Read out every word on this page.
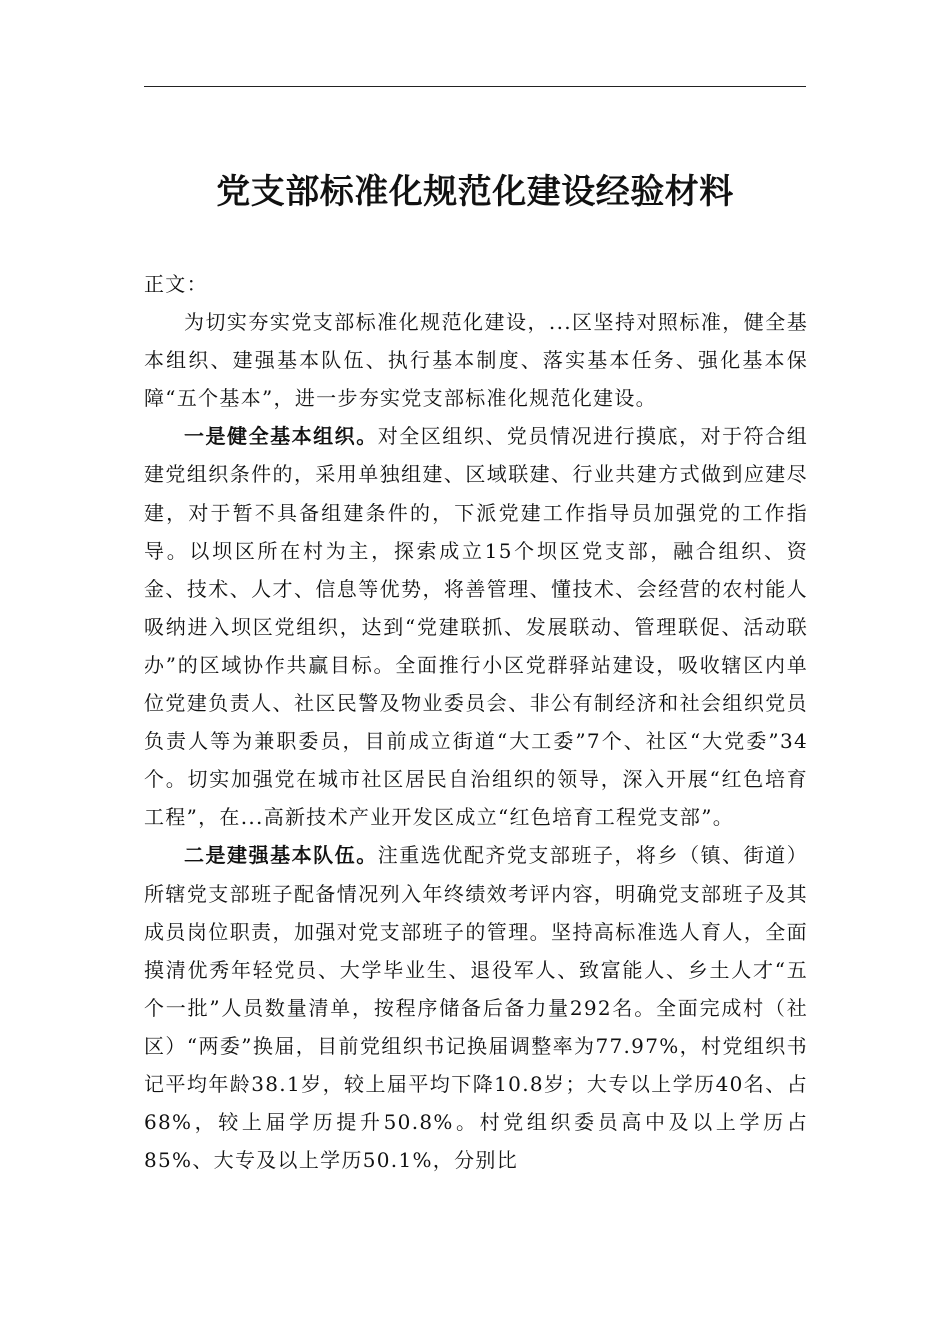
党支部标准化规范化建设经验材料

正文：

为切实夯实党支部标准化规范化建设，...区坚持对照标准，健全基本组织、建强基本队伍、执行基本制度、落实基本任务、强化基本保障“五个基本”，进一步夯实党支部标准化规范化建设。

一是健全基本组织。对全区组织、党员情况进行摸底，对于符合组建党组织条件的，采用单独组建、区域联建、行业共建方式做到应建尽建，对于暂不具备组建条件的，下派党建工作指导员加强党的工作指导。以坝区所在村为主，探索成立15个坝区党支部，融合组织、资金、技术、人才、信息等优势，将善管理、懂技术、会经营的农村能人吸纳进入坝区党组织，达到“党建联抓、发展联动、管理联促、活动联办”的区域协作共赢目标。全面推行小区党群驿站建设，吸收辖区内单位党建负责人、社区民警及物业委员会、非公有制经济和社会组织党员负责人等为兼职委员，目前成立街道“大工委”7个、社区“大党委”34个。切实加强党在城市社区居民自治组织的领导，深入开展“红色培育工程”，在...高新技术产业开发区成立“红色培育工程党支部”。

二是建强基本队伍。注重选优配齐党支部班子，将乡（镇、街道）所辖党支部班子配备情况列入年终绩效考评内容，明确党支部班子及其成员岗位职责，加强对党支部班子的管理。坚持高标准选人育人，全面摸清优秀年轻党员、大学毕业生、退役军人、致富能人、乡土人才“五个一批”人员数量清单，按程序储备后备力量292名。全面完成村（社区）“两委”换届，目前党组织书记换届调整率为77.97%，村党组织书记平均年龄38.1岁，较上届平均下降10.8岁；大专以上学历40名、占68%，较上届学历提升50.8%。村党组织委员高中及以上学历占85%、大专及以上学历50.1%，分别比
